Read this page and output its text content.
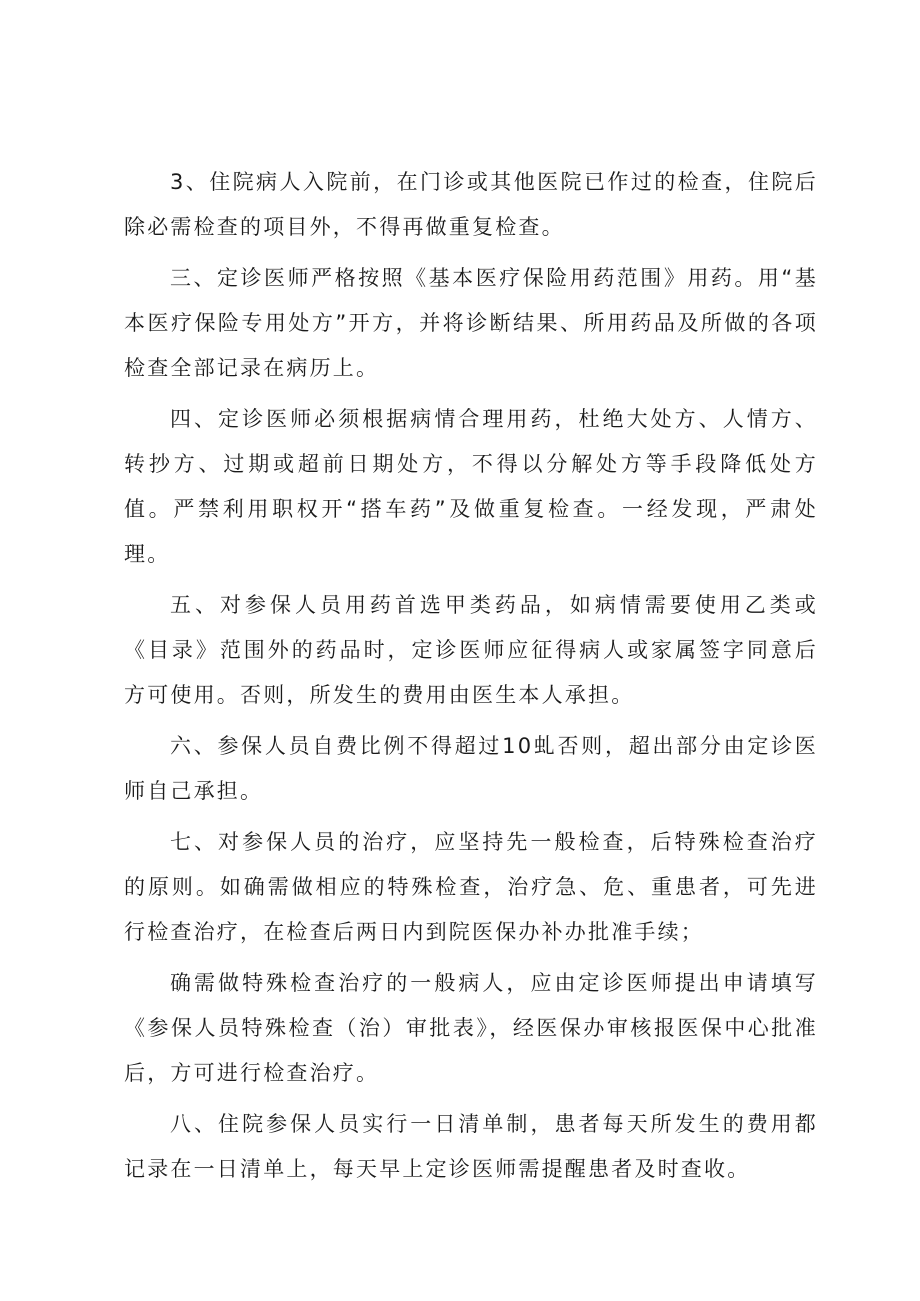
3、住院病人入院前，在门诊或其他医院已作过的检查，住院后除必需检查的项目外，不得再做重复检查。

三、定诊医师严格按照《基本医疗保险用药范围》用药。用“基本医疗保险专用处方”开方，并将诊断结果、所用药品及所做的各项检查全部记录在病历上。

四、定诊医师必须根据病情合理用药，杜绝大处方、人情方、转抄方、过期或超前日期处方，不得以分解处方等手段降低处方值。严禁利用职权开“搭车药”及做重复检查。一经发现，严肃处理。

五、对参保人员用药首选甲类药品，如病情需要使用乙类或《目录》范围外的药品时，定诊医师应征得病人或家属签字同意后方可使用。否则，所发生的费用由医生本人承担。

六、参保人员自费比例不得超过10虬否则，超出部分由定诊医师自己承担。

七、对参保人员的治疗，应坚持先一般检查，后特殊检查治疗的原则。如确需做相应的特殊检查，治疗急、危、重患者，可先进行检查治疗，在检查后两日内到院医保办补办批准手续；

确需做特殊检查治疗的一般病人，应由定诊医师提出申请填写《参保人员特殊检查（治）审批表》，经医保办审核报医保中心批准后，方可进行检查治疗。

八、住院参保人员实行一日清单制，患者每天所发生的费用都记录在一日清单上，每天早上定诊医师需提醒患者及时查收。
